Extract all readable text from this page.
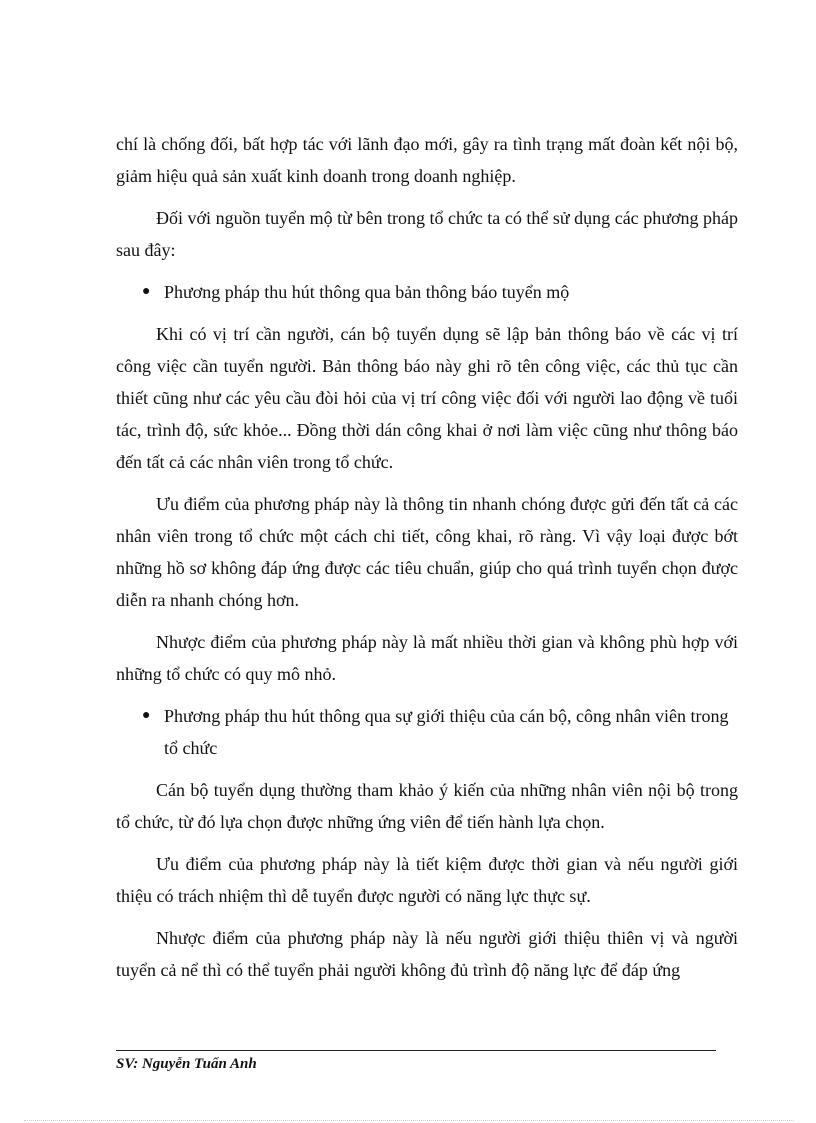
chí là chống đối, bất hợp tác với lãnh đạo mới, gây ra tình trạng mất đoàn kết nội bộ, giảm hiệu quả sản xuất kinh doanh trong doanh nghiệp.

Đối với nguồn tuyển mộ từ bên trong tổ chức ta có thể sử dụng các phương pháp sau đây:

● Phương pháp thu hút thông qua bản thông báo tuyển mộ

Khi có vị trí cần người, cán bộ tuyển dụng sẽ lập bản thông báo về các vị trí công việc cần tuyển người. Bản thông báo này ghi rõ tên công việc, các thủ tục cần thiết cũng như các yêu cầu đòi hỏi của vị trí công việc đối với người lao động về tuổi tác, trình độ, sức khỏe... Đồng thời dán công khai ở nơi làm việc cũng như thông báo đến tất cả các nhân viên trong tổ chức.

Ưu điểm của phương pháp này là thông tin nhanh chóng được gửi đến tất cả các nhân viên trong tổ chức một cách chi tiết, công khai, rõ ràng. Vì vậy loại được bớt những hồ sơ không đáp ứng được các tiêu chuẩn, giúp cho quá trình tuyển chọn được diễn ra nhanh chóng hơn.

Nhược điểm của phương pháp này là mất nhiều thời gian và không phù hợp với những tổ chức có quy mô nhỏ.

● Phương pháp thu hút thông qua sự giới thiệu của cán bộ, công nhân viên trong tổ chức

Cán bộ tuyển dụng thường tham khảo ý kiến của những nhân viên nội bộ trong tổ chức, từ đó lựa chọn được những ứng viên để tiến hành lựa chọn.

Ưu điểm của phương pháp này là tiết kiệm được thời gian và nếu người giới thiệu có trách nhiệm thì dễ tuyển được người có năng lực thực sự.

Nhược điểm của phương pháp này là nếu người giới thiệu thiên vị và người tuyển cả nể thì có thể tuyển phải người không đủ trình độ năng lực để đáp ứng

SV: Nguyễn Tuấn Anh
